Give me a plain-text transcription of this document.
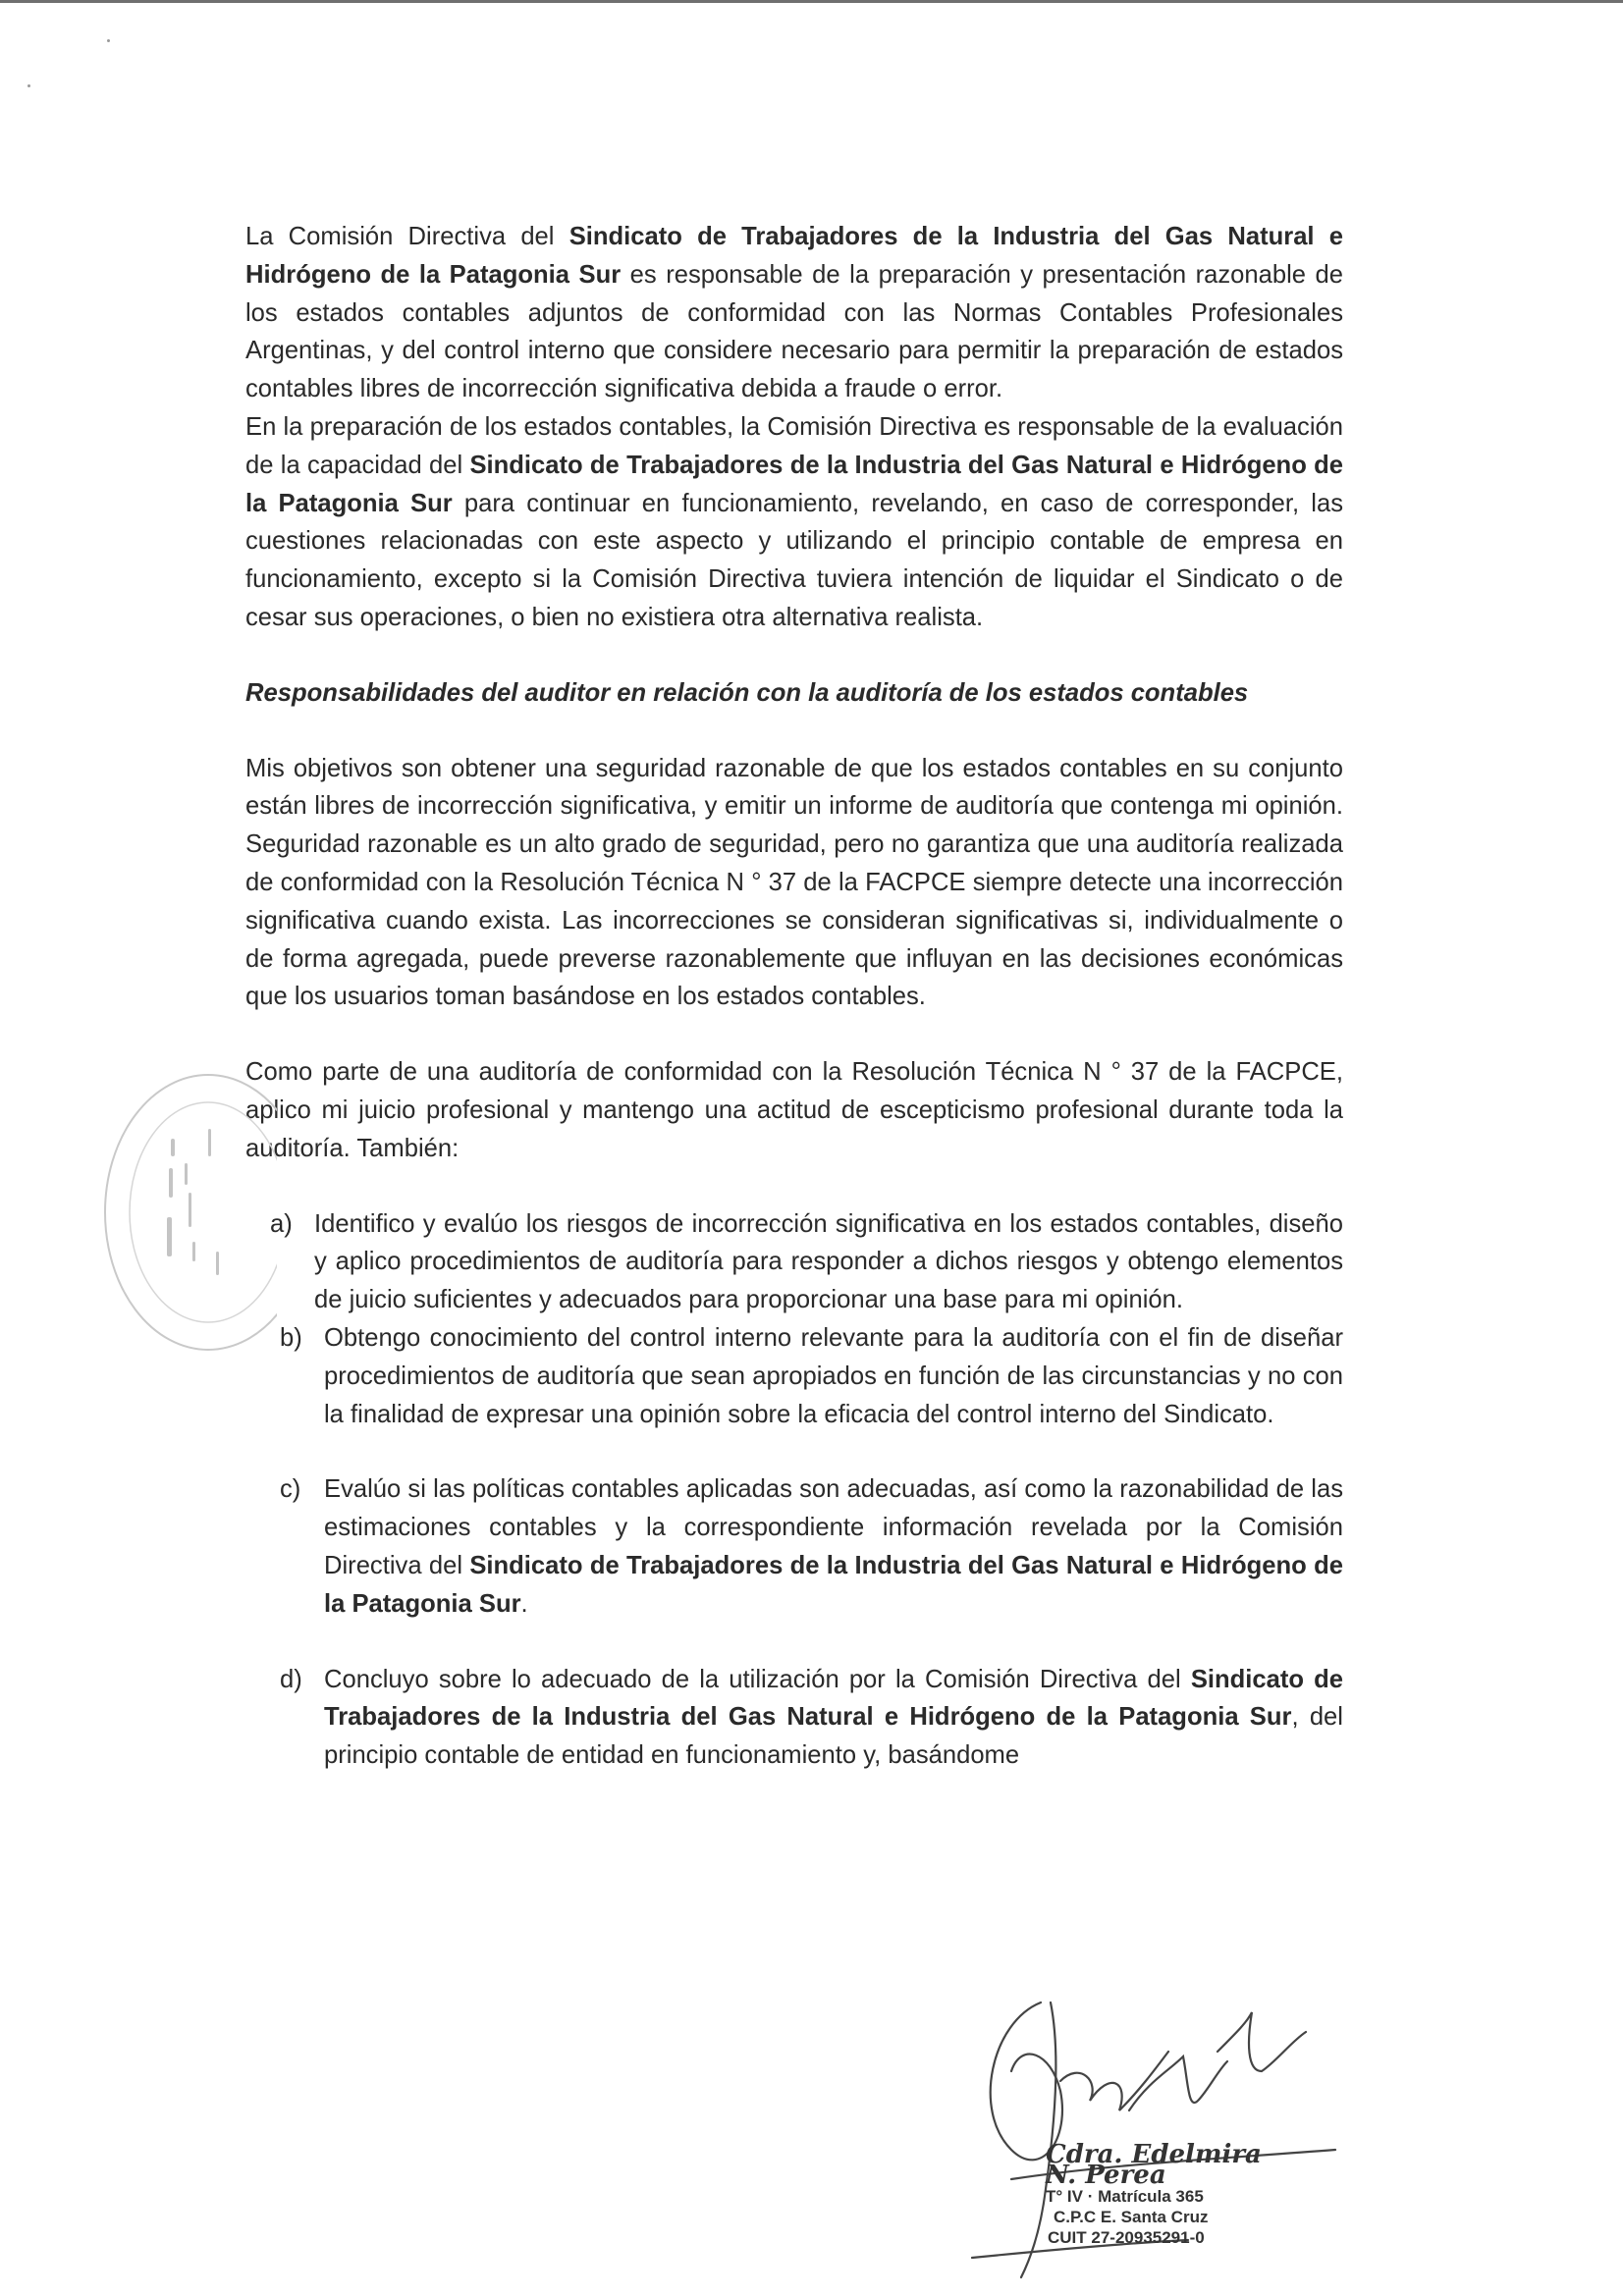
La Comisión Directiva del Sindicato de Trabajadores de la Industria del Gas Natural e Hidrógeno de la Patagonia Sur es responsable de la preparación y presentación razonable de los estados contables adjuntos de conformidad con las Normas Contables Profesionales Argentinas, y del control interno que considere necesario para permitir la preparación de estados contables libres de incorrección significativa debida a fraude o error.

En la preparación de los estados contables, la Comisión Directiva es responsable de la evaluación de la capacidad del Sindicato de Trabajadores de la Industria del Gas Natural e Hidrógeno de la Patagonia Sur para continuar en funcionamiento, revelando, en caso de corresponder, las cuestiones relacionadas con este aspecto y utilizando el principio contable de empresa en funcionamiento, excepto si la Comisión Directiva tuviera intención de liquidar el Sindicato o de cesar sus operaciones, o bien no existiera otra alternativa realista.

Responsabilidades del auditor en relación con la auditoría de los estados contables

Mis objetivos son obtener una seguridad razonable de que los estados contables en su conjunto están libres de incorrección significativa, y emitir un informe de auditoría que contenga mi opinión. Seguridad razonable es un alto grado de seguridad, pero no garantiza que una auditoría realizada de conformidad con la Resolución Técnica N ° 37 de la FACPCE siempre detecte una incorrección significativa cuando exista. Las incorrecciones se consideran significativas si, individualmente o de forma agregada, puede preverse razonablemente que influyan en las decisiones económicas que los usuarios toman basándose en los estados contables.

Como parte de una auditoría de conformidad con la Resolución Técnica N ° 37 de la FACPCE, aplico mi juicio profesional y mantengo una actitud de escepticismo profesional durante toda la auditoría. También:

a) Identifico y evalúo los riesgos de incorrección significativa en los estados contables, diseño y aplico procedimientos de auditoría para responder a dichos riesgos y obtengo elementos de juicio suficientes y adecuados para proporcionar una base para mi opinión.
b) Obtengo conocimiento del control interno relevante para la auditoría con el fin de diseñar procedimientos de auditoría que sean apropiados en función de las circunstancias y no con la finalidad de expresar una opinión sobre la eficacia del control interno del Sindicato.
c) Evalúo si las políticas contables aplicadas son adecuadas, así como la razonabilidad de las estimaciones contables y la correspondiente información revelada por la Comisión Directiva del Sindicato de Trabajadores de la Industria del Gas Natural e Hidrógeno de la Patagonia Sur.
d) Concluyo sobre lo adecuado de la utilización por la Comisión Directiva del Sindicato de Trabajadores de la Industria del Gas Natural e Hidrógeno de la Patagonia Sur, del principio contable de entidad en funcionamiento y, basándome
Cdra. Edelmira N. Perea
T° IV · Matrícula 365
C.P.C E. Santa Cruz
CUIT 27-20935291-0
